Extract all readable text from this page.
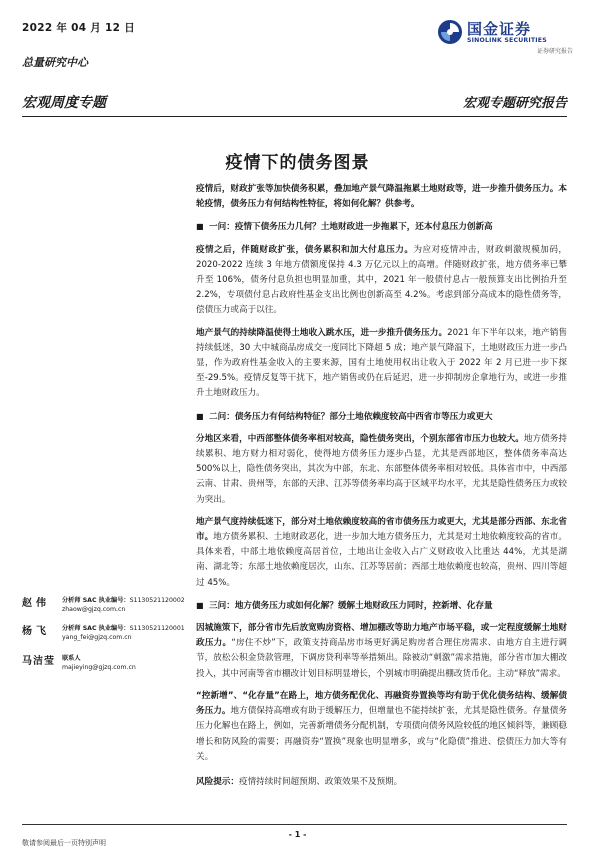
2022 年 04 月 12 日
总量研究中心
宏观周度专题	宏观专题研究报告
国金证券
SINOLINK SECURITIES
证券研究报告
疫情下的债务图景
赵伟	分析师 SAC 执业编号：S1130521120002
zhaow@gjzq.com.cn
杨飞	分析师 SAC 执业编号：S1130521120001
yang_fei@gjzq.com.cn
马洁莹	联系人
majieying@gjzq.com.cn

疫情后，财政扩张等加快债务积累，叠加地产景气降温拖累土地财政等，进一步推升债务压力。本轮疫情，债务压力有何结构性特征，将如何化解？供参考。

■ 一问：疫情下债务压力几何？土地财政进一步拖累下，还本付息压力创新高

疫情之后，伴随财政扩张，债务累积和加大付息压力。为应对疫情冲击，财政刺激规模加码，2020-2022 连续 3 年地方债额度保持 4.3 万亿元以上的高增。伴随财政扩张，地方债务率已攀升至 106%，债务付息负担也明显加重，其中，2021 年一般债付息占一般预算支出比例抬升至 2.2%，专项债付息占政府性基金支出比例也创新高至 4.2%。考虑到部分高成本的隐性债务等，偿债压力或高于以往。

地产景气的持续降温使得土地收入跳水压，进一步推升债务压力。2021 年下半年以来，地产销售持续低迷，30 大中城商品房成交一度同比下降超 5 成；地产景气降温下，土地财政压力进一步凸显，作为政府性基金收入的主要来源，国有土地使用权出让收入于 2022 年 2 月已进一步下探至-29.5%。疫情反复等干扰下，地产销售或仍在后延迟，进一步抑制房企拿地行为，或进一步推升土地财政压力。

■ 二问：债务压力有何结构特征？部分土地依赖度较高中西省市等压力或更大

分地区来看，中西部整体债务率相对较高，隐性债务突出，个别东部省市压力也较大。地方债务持续累积、地方财力相对弱化，使得地方债务压力逐步凸显，尤其是西部地区，整体债务率高达 500%以上，隐性债务突出，其次为中部，东北、东部整体债务率相对较低。具体省市中，中西部云南、甘肃、贵州等，东部的天津、江苏等债务率均高于区域平均水平，尤其是隐性债务压力或较为突出。

地产景气度持续低迷下，部分对土地依赖度较高的省市债务压力或更大，尤其是部分西部、东北省市。地方债务累积、土地财政恶化，进一步加大地方债务压力，尤其是对土地依赖度较高的省市。具体来看，中部土地依赖度高居首位，土地出让金收入占广义财政收入比重达 44%，尤其是湖南、湖北等；东部土地依赖度居次，山东、江苏等居前；西部土地依赖度也较高，贵州、四川等超过 45%。

■ 三问：地方债务压力或如何化解？缓解土地财政压力同时，控新增、化存量

因城施策下，部分省市先后放宽购房资格、增加棚改等助力地产市场平稳，或一定程度缓解土地财政压力。“房住不炒”下，政策支持商品房市场更好满足购房者合理住房需求、由地方自主进行调节，放松公积金贷款管理，下调房贷利率等举措频出。除被动“刺激”需求措施，部分省市加大棚改投入，其中河南等省市棚改计划目标明显增长，个别城市明确提出棚改货币化。主动“释放”需求。

“控新增”、“化存量”在路上，地方债务配优化、再融资券置换等均有助于优化债务结构、缓解债务压力。地方债保持高增或有助于缓解压力，但增量也不能持续扩张，尤其是隐性债务。存量债务压力化解也在路上，例如，完善新增债务分配机制，专项债向债务风险较低的地区倾斜等，兼顾稳增长和防风险的需要；再融资券“置换”现象也明显增多，或与“化隐债”推进、偿债压力加大等有关。

风险提示：疫情持续时间超预期、政策效果不及预期。

- 1 -
敬请参阅最后一页特别声明
